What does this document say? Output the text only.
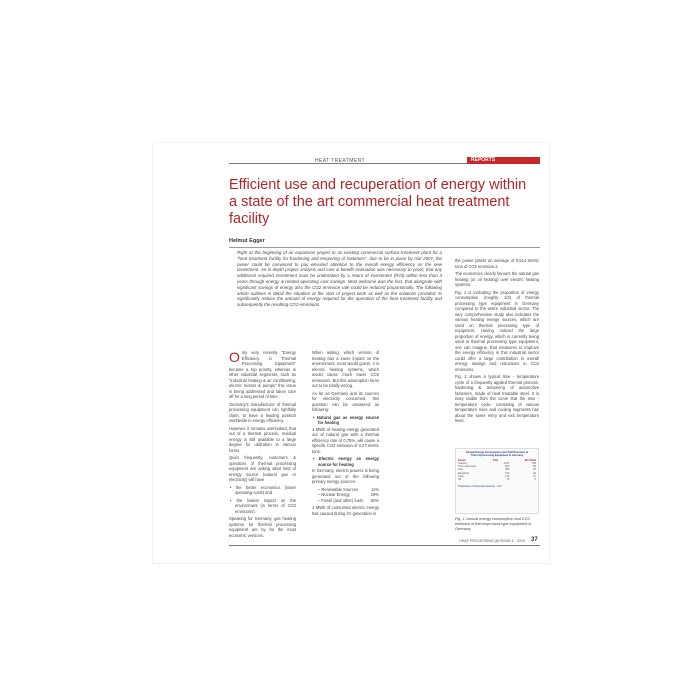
HEAT TREATMENT	REPORTS
Efficient use and recuperation of energy within a state of the art commercial heat treatment facility
Helmut Egger
Right at the beginning of an expansion project to an existing commercial surface treatment plant for a "heat treatment facility for hardening and tempering of fasteners", due to be in place by mid 2007, the owner could be convinced to pay elevated attention to the overall energy efficiency on the new investment. An in-depth project analysis and cost & benefit evaluation was necessary to proof, that any additional required investment must be undertaken by a return of investment (ROI) within less than 3 years through energy & related operating cost savings. Most welcome was the fact, that alongside with significant savings of energy also the CO2 emission rate could be reduced proportionally. The following article outlines in detail the situation at the start of project work as well as the solutions provided, to significantly reduce the amount of energy required for the operation of the heat treatment facility and subsequently the resulting CO2 emissions.

Only very recently "Energy Efficiency in Thermal Processing Equipment" became a top priority, whereas in other industrial segments, such as "industrial heating & air conditioning, electric motors & pumps" this issue is being addressed and taken care off for a long period of time.

Germany's manufacturer of thermal processing equipment can rightfully claim, to have a leading position worldwide in energy efficiency.

However, it remains overlooked, that out of a thermal process, residual energy is still available to a large degree for utilization in various forms.

Quiet frequently, customers & operators of thermal processing equipment are asking what kind of energy source (natural gas or electricity) will have

• the better economics (lower operating costs) and

• the lowest impact on the environment (in terms of CO2 emissions).

Speaking for Germany, gas heating systems for thermal processing equipment are by far the most economic versions.

When asking, which version of heating has a lower impact on the environment, most would guess, it is electric heating systems, which would cause much lower CO2 emissions. But this assumption turns out to be totally wrong.

As far as Germany and its sources for electricity concerned, this question can be answered as following:

• Natural gas as energy source for heating

1 MWh of heating energy generated out of natural gas with a thermal efficiency rate of 0,75%, will cause a specific CO2 emission of 0,27 metric tons.

• Electric energy as energy source for heating

In Germany, electric power1 is being generated out of the following primary energy sources:

– Renewable Sources	11%
– Nuclear Energy	29%
– Fossil (and other) fuels 60%

1 MWh of consumed electric energy has caused during it's generation in

the power plants an average of 0,514 metric tons of CO2 emission.2

The economics clearly favours the natural gas heating (or oil heating) over electric heating systems.

Fig. 1 is indicating the proportion of energy consumption (roughly 1/3) of thermal processing type equipment in Germany compared to the entire industrial sector. The very comprehensive study also indicates the various heating energy sources, which are used on thermal processing type of equipment. Having noticed the large proportion of energy, which is currently being used in thermal processing type equipment, one can imagine, that measures to improve the energy efficiency in this industrial sector could offer a large contribution in overall energy savings and reductions in CO2 emissions.

Fig. 2 shows a typical time - temperature cycle of a frequently applied thermal process, hardening & tempering of automotive fasteners, made of heat treatable steel. It is easy visible from the curve that the time - temperature cycle, consisting of various temperature rises and cooling segments has about the same entry and exit temperature level.

Annual Energy Consumption and CO2 Emission of Thermoprocessing Equipment in Germany
Sector	PJ/a	Mt CO2/a
Industry	2447	158
Thermoprocess	820	59
Gas	455	26
Electricity	160	24
Coal	130	12
Oil	75	5
Total share of thermoprocessing: ~1/3
Fig. 1: Annual energy consumption and CO2 emission of thermoprocess type equipment in Germany
HEAT PROCESSING (8) ISSUE 1 · 2010 37
